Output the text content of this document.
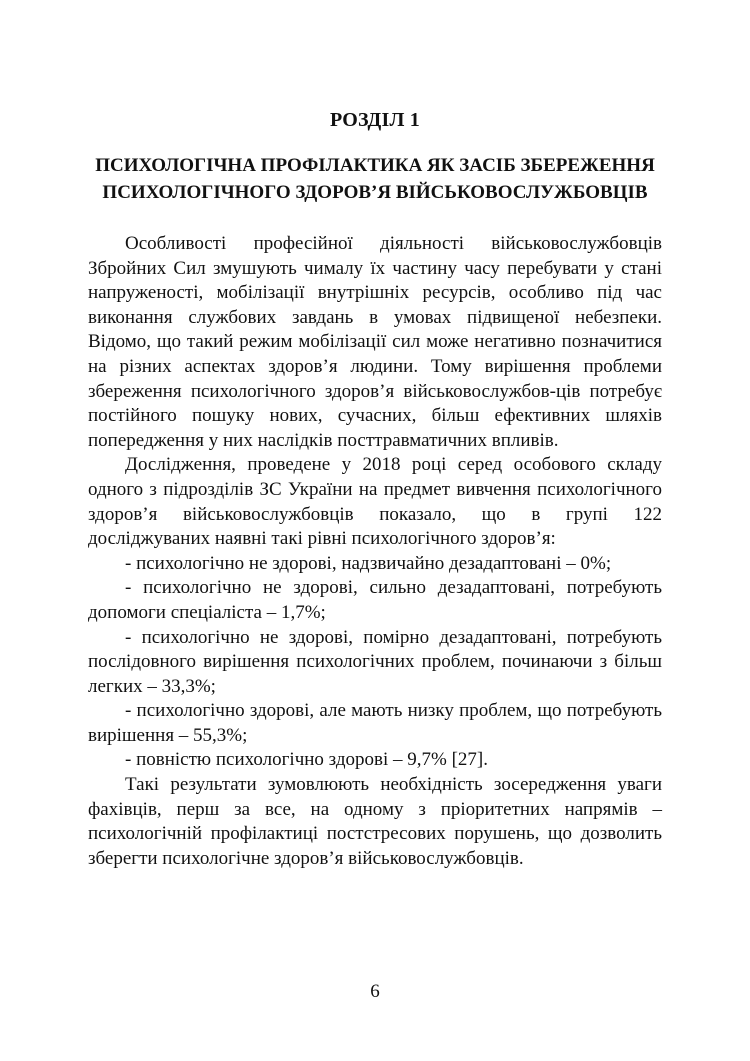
РОЗДІЛ 1
ПСИХОЛОГІЧНА ПРОФІЛАКТИКА ЯК ЗАСІБ ЗБЕРЕЖЕННЯ
ПСИХОЛОГІЧНОГО ЗДОРОВ’Я ВІЙСЬКОВОСЛУЖБОВЦІВ

Особливості професійної діяльності військовослужбовців Збройних Сил змушують чималу їх частину часу перебувати у стані напруженості, мобілізації внутрішніх ресурсів, особливо під час виконання службових завдань в умовах підвищеної небезпеки. Відомо, що такий режим мобілізації сил може негативно позначитися на різних аспектах здоров’я людини. Тому вирішення проблеми збереження психологічного здоров’я військовослужбов-ців потребує постійного пошуку нових, сучасних, більш ефективних шляхів попередження у них наслідків посттравматичних впливів.

Дослідження, проведене у 2018 році серед особового складу одного з підрозділів ЗС України на предмет вивчення психологічного здоров’я військовослужбовців показало, що в групі 122 досліджуваних наявні такі рівні психологічного здоров’я:

- психологічно не здорові, надзвичайно дезадаптовані – 0%;

- психологічно не здорові, сильно дезадаптовані, потребують допомоги спеціаліста – 1,7%;

- психологічно не здорові, помірно дезадаптовані, потребують послідовного вирішення психологічних проблем, починаючи з більш легких – 33,3%;

- психологічно здорові, але мають низку проблем, що потребують вирішення – 55,3%;

- повністю психологічно здорові – 9,7% [27].

Такі результати зумовлюють необхідність зосередження уваги фахівців, перш за все, на одному з пріоритетних напрямів – психологічній профілактиці постстресових порушень, що дозволить зберегти психологічне здоров’я військовослужбовців.

6
